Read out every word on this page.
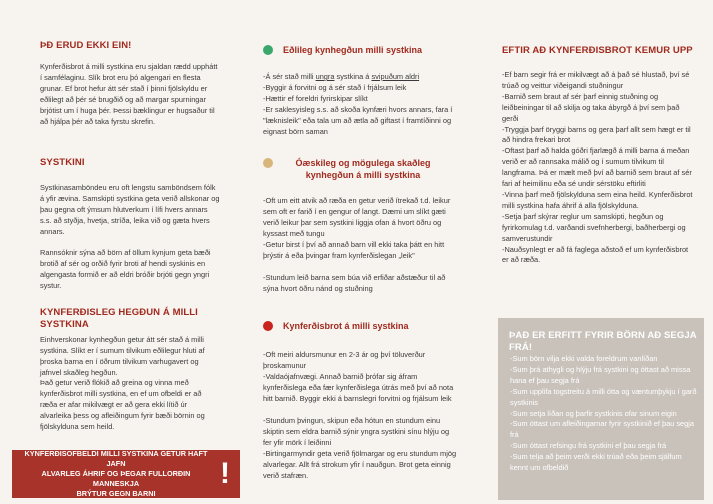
ÞÐ ERUD EKKI EIN!

Kynferðisbrot á milli systkina eru sjaldan rædd upphátt í samfélaginu. Slík brot eru þó algengari en flesta grunar. Ef brot hefur átt sér stað í þinni fjölskyldu er eðlilegt að þér sé brugðið og að margar spurningar brjótist um í huga þér. Þessi bæklingur er hugsaður til að hjálpa þér að taka fyrstu skrefin.

SYSTKINI

Systkinasamböndeu eru oft lengstu samböndsem fólk á yfir ævina. Samskipti systkina geta verið allskonar og þau gegna oft ýmsum hlutverkum í lífi hvers annars s.s. að styðja, hvetja, stríða, leika við og gæta hvers annars.

Rannsóknir sýna að börn af öllum kynjum geta bæði brotið af sér og orðið fyrir broti af hendi syskinis en algengasta formið er að eldri bróðir brjóti gegn yngri systur.

KYNFERÐISLEG HEGÐUN Á MILLI SYSTKINA

Einhverskonar kynhegðun getur átt sér stað á milli systkina. Slíkt er í sumum tilvikum eðlilegur hluti af þroska barna en í öðrum tilvikum varhugavert og jafnvel skaðleg hegðun.

Það getur verið flókið að greina og vinna með kynferðisbrot milli systkina, en ef um ofbeldi er að ræða er afar mikilvægt er að gera ekki lítið úr alvarleika þess og afleiðingum fyrir bæði börnin og fjölskylduna sem heild.

KYNFERÐISOFBELDI MILLI SYSTKINA GETUR HAFT JAFN
ALVARLEG ÁHRIF OG ÞEGAR FULLORÐIN MANNESKJA
BRÝTUR GEGN BARNI
!
Eðlileg kynhegðun milli systkina

-Á sér stað milli ungra systkina á svipuðum aldri

-Byggir á forvitni og á sér stað í frjálsum leik

-Hættir ef foreldri fyrirskipar slíkt

-Er saklesyisleg s.s. að skoða kynfæri hvors annars, fara í "læknisleik" eða tala um að ætla að giftast í framtíðinni og eignast börn saman

Óæskileg og mögulega skaðleg kynhegðun á milli systkina

-Oft um eitt atvik að ræða en getur verið ítrekað t.d. leikur sem oft er farið í en gengur of langt. Dæmi um slíkt gæti verið leikur þar sem systkini liggja ofan á hvort öðru og kyssast með tungu

-Getur birst í því að annað barn vill ekki taka þátt en hitt þrýstir á eða þvingar fram kynferðislegan „leik"

-Stundum leið barna sem búa við erfiðar aðstæður til að sýna hvort öðru nánd og stuðning

Kynferðisbrot á milli systkina

-Oft meiri aldursmunur en 2-3 ár og því töluverður þroskamunur

-Valdaójafnvægi. Annað barnið þrófar sig áfram kynferðislega eða fær kynferðislega útrás með því að nota hitt barnið. Byggir ekki á barnslegri forvitni og frjálsum leik

-Stundum þvingun, skipun eða hótun en stundum einu skiptin sem eldra barnið sýnir yngra systkini sínu hlýju og fer yfir mörk í leiðinni

-Birtingarmyndir geta verið fjölmargar og eru stundum mjög alvarlegar. Allt frá strokum yfir í nauðgun. Brot geta einnig verið stafræn.

EFTIR AÐ KYNFERÐISBROT KEMUR UPP

-Ef barn segir frá er mikilvægt að á það sé hlustað, því sé trúað og veittur viðeigandi stuðningur

-Barnið sem braut af sér þarf einnig stuðning og leiðbeiningar til að skilja og taka ábyrgð á því sem það gerði

-Tryggja þarf öryggi barns og gera þarf allt sem hægt er til að hindra frekari brot

-Oftast þarf að halda góðri fjarlægð á milli barna á meðan verið er að rannsaka málið og í sumum tilvikum til langframa. Þá er mælt með því að barnið sem braut af sér fari af heimilinu eða sé undir sérstöku eftirliti

-Vinna þarf með fjölskylduna sem eina heild. Kynferðisbrot milli systkina hafa áhrif á alla fjölskylduna.

-Setja þarf skýrar reglur um samskipti, hegðun og fyrirkomulag t.d. varðandi svefnherbergi, baðherbergi og samverustundir

-Nauðsynlegt er að fá faglega aðstoð ef um kynferðisbrot er að ræða.

ÞAÐ ER ERFITT FYRIR BÖRN AÐ SEGJA FRÁ!
-Sum börn vilja ekki valda foreldrum vanlíðan
-Sum þrá athygli og hlýju frá systkini og óttast að missa hana ef þau segja frá
-Sum upplifa togstreitu á milli ótta og væntumþykju í garð systkinis
-Sum setja líðan og þarfir systkinis ofar sinum eigin
-Sum óttast um afleiðingarnar fyrir systkinið ef þau segja frá
-Sum óttast refsingu frá systkini ef þau segja frá
-Sum telja að þeim verði ekki trúað eða þeim sjálfum kennt um ofbeldið
